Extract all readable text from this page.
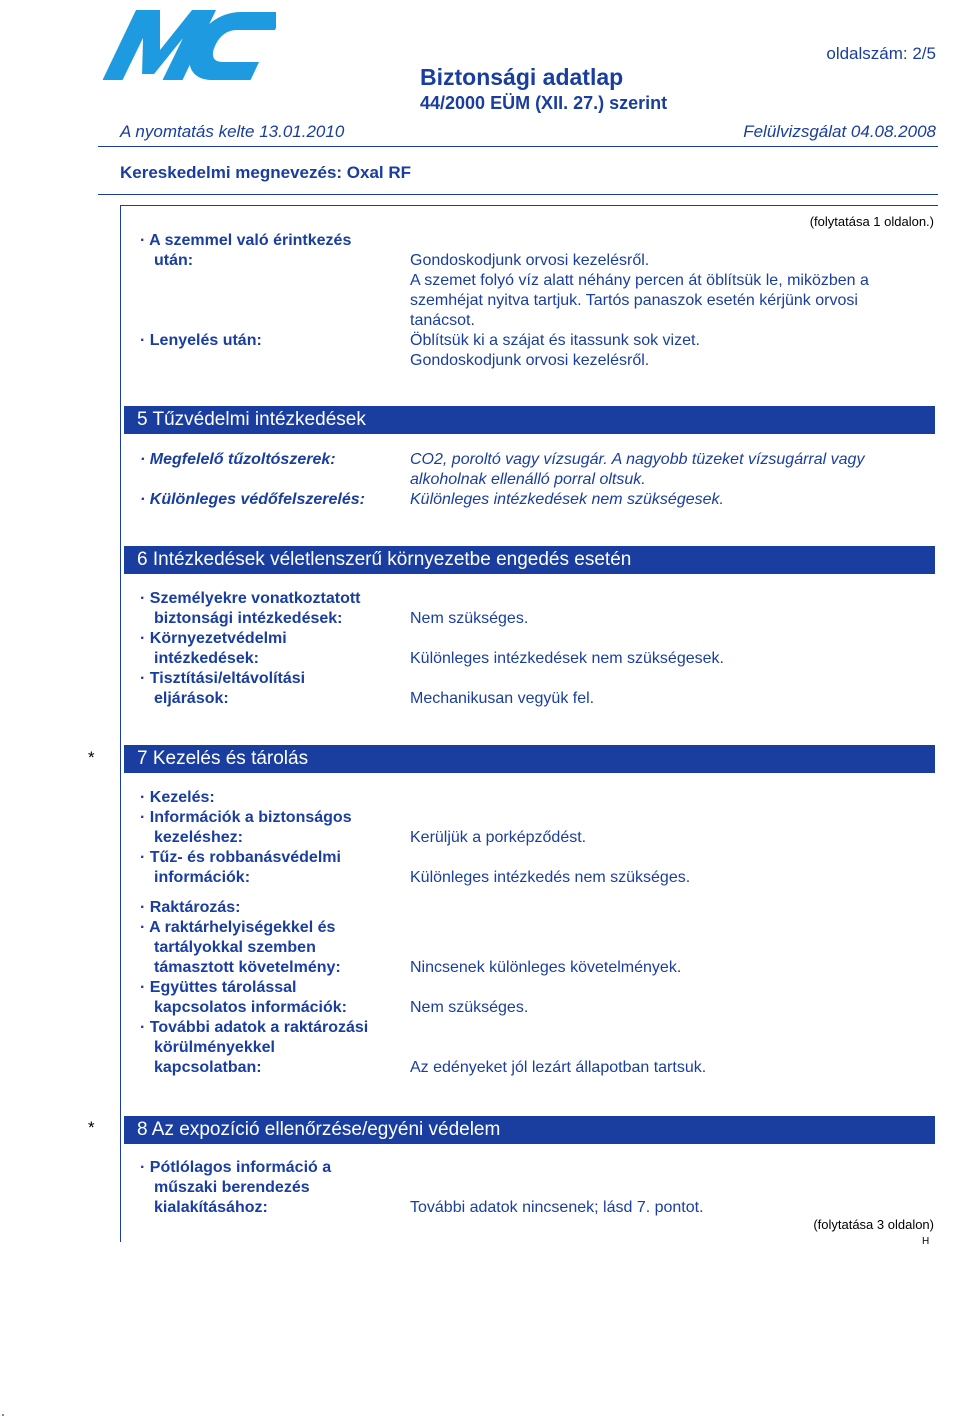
Biztonsági adatlap
44/2000 EÜM (XII. 27.) szerint
oldalszám: 2/5
A nyomtatás kelte 13.01.2010	Felülvizsgálat 04.08.2008
Kereskedelmi megnevezés: Oxal RF
(folytatása 1 oldalon.)
· A szemmel való érintkezés
után:	Gondoskodjunk orvosi kezelésről.
A szemet folyó víz alatt néhány percen át öblítsük le, miközben a
szemhéjat nyitva tartjuk. Tartós panaszok esetén kérjünk orvosi
tanácsot.
· Lenyelés után:	Öblítsük ki a szájat és itassunk sok vizet.
Gondoskodjunk orvosi kezelésről.
5 Tűzvédelmi intézkedések
· Megfelelő tűzoltószerek:	CO2, poroltó vagy vízsugár. A nagyobb tüzeket vízsugárral vagy
alkoholnak ellenálló porral oltsuk.
· Különleges védőfelszerelés:	Különleges intézkedések nem szükségesek.
6 Intézkedések véletlenszerű környezetbe engedés esetén
· Személyekre vonatkoztatott
biztonsági intézkedések:	Nem szükséges.
· Környezetvédelmi
intézkedések:	Különleges intézkedések nem szükségesek.
· Tisztítási/eltávolítási
eljárások:	Mechanikusan vegyük fel.
*	7 Kezelés és tárolás
· Kezelés:
· Információk a biztonságos
kezeléshez:	Kerüljük a porképződést.
· Tűz- és robbanásvédelmi
információk:	Különleges intézkedés nem szükséges.
· Raktározás:
· A raktárhelyiségekkel és
tartályokkal szemben
támasztott követelmény:	Nincsenek különleges követelmények.
· Együttes tárolással
kapcsolatos információk:	Nem szükséges.
· További adatok a raktározási
körülményekkel
kapcsolatban:	Az edényeket jól lezárt állapotban tartsuk.
*	8 Az expozíció ellenőrzése/egyéni védelem
· Pótlólagos információ a
műszaki berendezés
kialakításához:	További adatok nincsenek; lásd 7. pontot.
(folytatása 3 oldalon)
H
